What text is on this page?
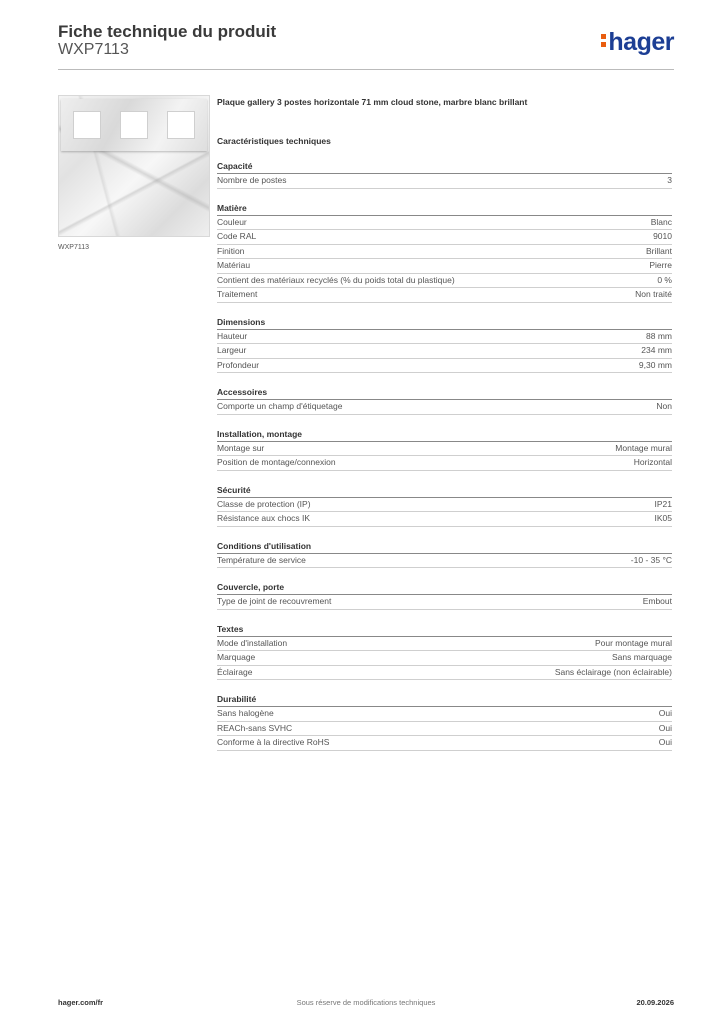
Fiche technique du produit
WXP7113	hager
WXP7113
Plaque gallery 3 postes horizontale 71 mm cloud stone, marbre blanc brillant
Caractéristiques techniques
Capacité
Nombre de postes	3
Matière
Couleur	Blanc
Code RAL	9010
Finition	Brillant
Matériau	Pierre
Contient des matériaux recyclés (% du poids total du plastique)	0 %
Traitement	Non traité
Dimensions
Hauteur	88 mm
Largeur	234 mm
Profondeur	9,30 mm
Accessoires
Comporte un champ d'étiquetage	Non
Installation, montage
Montage sur	Montage mural
Position de montage/connexion	Horizontal
Sécurité
Classe de protection (IP)	IP21
Résistance aux chocs IK	IK05
Conditions d'utilisation
Température de service	-10 - 35 °C
Couvercle, porte
Type de joint de recouvrement	Embout
Textes
Mode d'installation	Pour montage mural
Marquage	Sans marquage
Éclairage	Sans éclairage (non éclairable)
Durabilité
Sans halogène	Oui
REACh-sans SVHC	Oui
Conforme à la directive RoHS	Oui
hager.com/fr	Sous réserve de modifications techniques	20.09.2026
